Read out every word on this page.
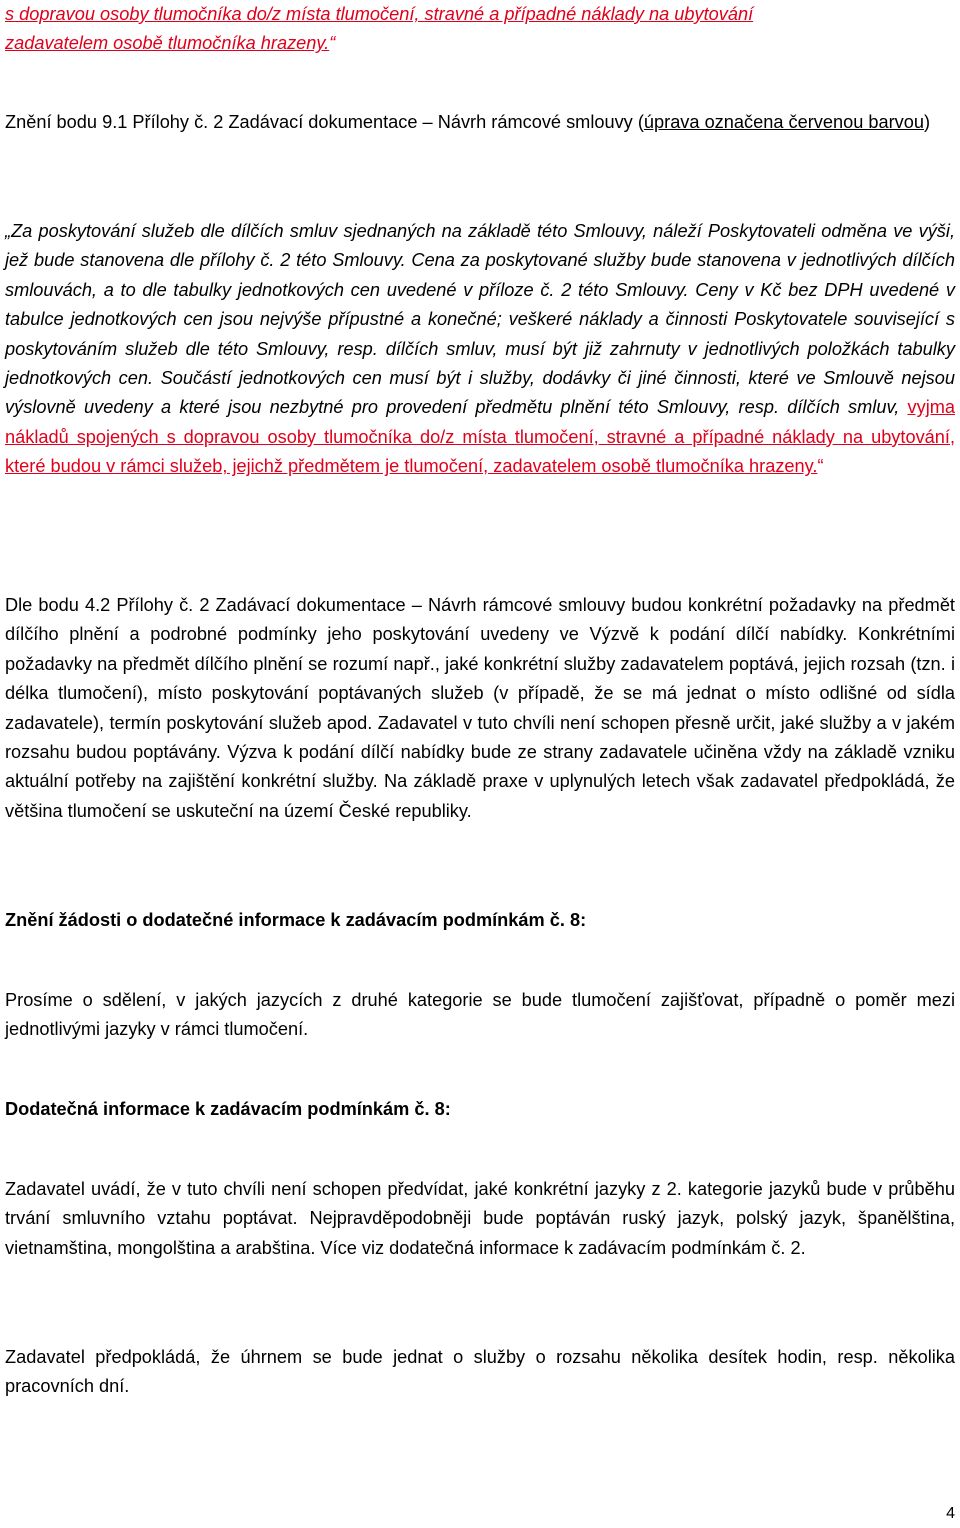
s dopravou osoby tlumočníka do/z místa tlumočení, stravné a případné náklady na ubytování
zadavatelem osobě tlumočníka hrazeny.“
Znění bodu 9.1 Přílohy č. 2 Zadávací dokumentace – Návrh rámcové smlouvy (úprava označena červenou barvou)
„Za poskytování služeb dle dílčích smluv sjednaných na základě této Smlouvy, náleží Poskytovateli odměna ve výši, jež bude stanovena dle přílohy č. 2 této Smlouvy. Cena za poskytované služby bude stanovena v jednotlivých dílčích smlouvách, a to dle tabulky jednotkových cen uvedené v příloze č. 2 této Smlouvy. Ceny v Kč bez DPH uvedené v tabulce jednotkových cen jsou nejvýše přípustné a konečné; veškeré náklady a činnosti Poskytovatele související s poskytováním služeb dle této Smlouvy, resp. dílčích smluv, musí být již zahrnuty v jednotlivých položkách tabulky jednotkových cen. Součástí jednotkových cen musí být i služby, dodávky či jiné činnosti, které ve Smlouvě nejsou výslovně uvedeny a které jsou nezbytné pro provedení předmětu plnění této Smlouvy, resp. dílčích smluv, vyjma nákladů spojených s dopravou osoby tlumočníka do/z místa tlumočení, stravné a případné náklady na ubytování, které budou v rámci služeb, jejichž předmětem je tlumočení, zadavatelem osobě tlumočníka hrazeny.“
Dle bodu 4.2 Přílohy č. 2 Zadávací dokumentace – Návrh rámcové smlouvy budou konkrétní požadavky na předmět dílčího plnění a podrobné podmínky jeho poskytování uvedeny ve Výzvě k podání dílčí nabídky. Konkrétními požadavky na předmět dílčího plnění se rozumí např., jaké konkrétní služby zadavatelem poptává, jejich rozsah (tzn. i délka tlumočení), místo poskytování poptávaných služeb (v případě, že se má jednat o místo odlišné od sídla zadavatele), termín poskytování služeb apod. Zadavatel v tuto chvíli není schopen přesně určit, jaké služby a v jakém rozsahu budou poptávány. Výzva k podání dílčí nabídky bude ze strany zadavatele učiněna vždy na základě vzniku aktuální potřeby na zajištění konkrétní služby. Na základě praxe v uplynulých letech však zadavatel předpokládá, že většina tlumočení se uskuteční na území České republiky.
Znění žádosti o dodatečné informace k zadávacím podmínkám č. 8:
Prosíme o sdělení, v jakých jazycích z druhé kategorie se bude tlumočení zajišťovat, případně o poměr mezi jednotlivými jazyky v rámci tlumočení.
Dodatečná informace k zadávacím podmínkám č. 8:
Zadavatel uvádí, že v tuto chvíli není schopen předvídat, jaké konkrétní jazyky z 2. kategorie jazyků bude v průběhu trvání smluvního vztahu poptávat. Nejpravděpodobněji bude poptáván ruský jazyk, polský jazyk, španělština, vietnamština, mongolština a arabština. Více viz dodatečná informace k zadávacím podmínkám č. 2.
Zadavatel předpokládá, že úhrnem se bude jednat o služby o rozsahu několika desítek hodin, resp. několika pracovních dní.
4
